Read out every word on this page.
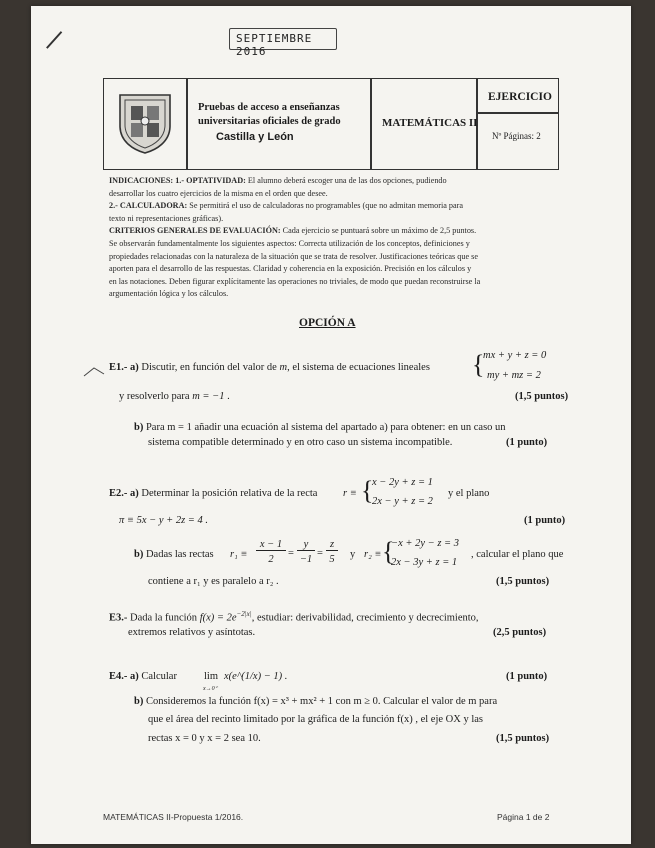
SEPTIEMBRE 2016
Pruebas de acceso a enseñanzas
universitarias oficiales de grado
Castilla y León
MATEMÁTICAS II
EJERCICIO
Nº Páginas: 2
INDICACIONES: 1.- OPTATIVIDAD: El alumno deberá escoger una de las dos opciones, pudiendo
desarrollar los cuatro ejercicios de la misma en el orden que desee.
2.- CALCULADORA: Se permitirá el uso de calculadoras no programables (que no admitan memoria para
texto ni representaciones gráficas).
CRITERIOS GENERALES DE EVALUACIÓN: Cada ejercicio se puntuará sobre un máximo de 2,5 puntos.
Se observarán fundamentalmente los siguientes aspectos: Correcta utilización de los conceptos, definiciones y
propiedades relacionadas con la naturaleza de la situación que se trata de resolver. Justificaciones teóricas que se
aporten para el desarrollo de las respuestas. Claridad y coherencia en la exposición. Precisión en los cálculos y
en las notaciones. Deben figurar explícitamente las operaciones no triviales, de modo que puedan reconstruirse la
argumentación lógica y los cálculos.
OPCIÓN A
E1.- a) Discutir, en función del valor de m, el sistema de ecuaciones lineales {
mx + y + z = 0
my + mz = 2
y resolverlo para m = −1 .	(1,5 puntos)
b) Para m = 1 añadir una ecuación al sistema del apartado a) para obtener: en un caso un
sistema compatible determinado y en otro caso un sistema incompatible.	(1 punto)
E2.- a) Determinar la posición relativa de la recta r ≡ {
x − 2y + z = 1
2x − y + z = 2
y el plano
π ≡ 5x − y + 2z = 4 .	(1 punto)
b) Dadas las rectas r₁ ≡
x − 1
2
=
y
−1
=
z
5	y r₂ ≡ {
−x + 2y − z = 3
2x − 3y + z = 1
, calcular el plano que
contiene a r₁ y es paralelo a r₂ .	(1,5 puntos)
E3.- Dada la función $f(x) = 2e^{-2|x|}$, estudiar: derivabilidad, crecimiento y decrecimiento,
extremos relativos y asíntotas.	(2,5 puntos)
E4.- a) Calcular	lim
x→0⁺
x(e^(1/x) − 1) .	(1 punto)
b) Consideremos la función f(x) = x³ + mx² + 1 con m ≥ 0. Calcular el valor de m para
que el área del recinto limitado por la gráfica de la función f(x) , el eje OX y las
rectas x = 0 y x = 2 sea 10.	(1,5 puntos)
MATEMÁTICAS II-Propuesta 1/2016.	Página 1 de 2
